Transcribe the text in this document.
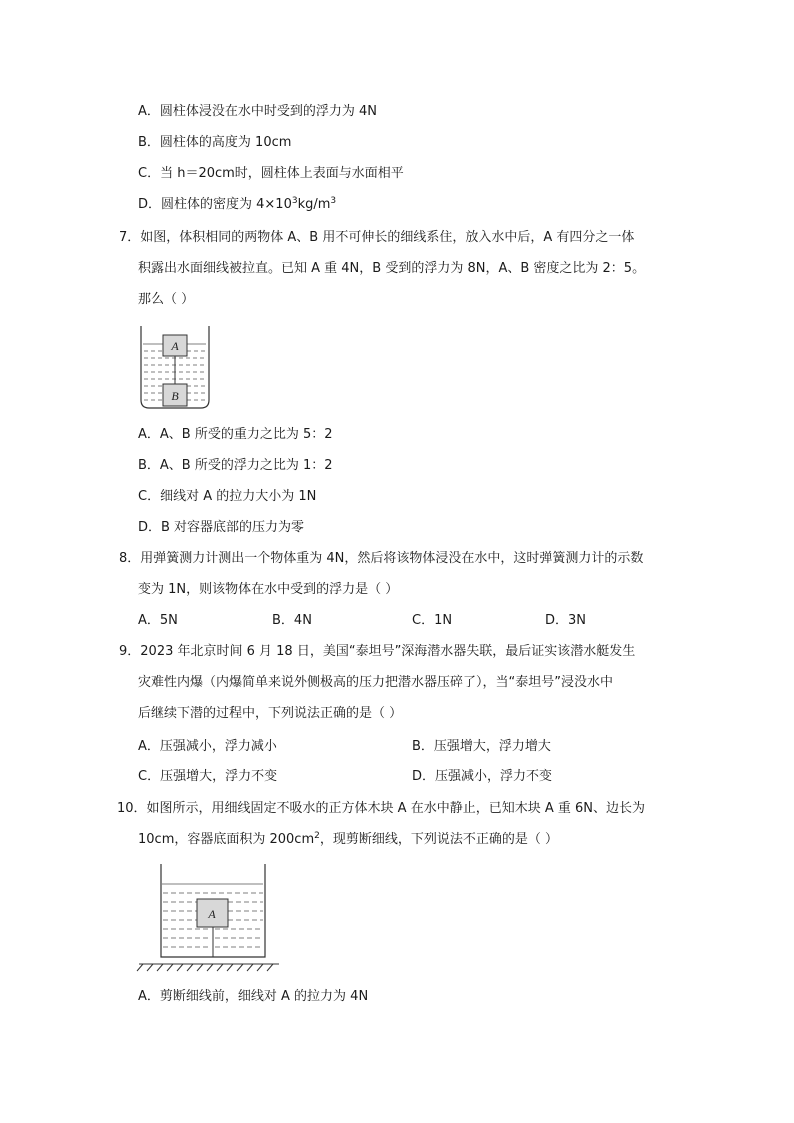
A．圆柱体浸没在水中时受到的浮力为 4N
B．圆柱体的高度为 10cm
C．当 h＝20cm时，圆柱体上表面与水面相平
D．圆柱体的密度为 $4\times 10^3kg/m^3$
7．如图，体积相同的两物体 A、B 用不可伸长的细线系住，放入水中后，A 有四分之一体
积露出水面细线被拉直。已知 A 重 4N，B 受到的浮力为 8N，A、B 密度之比为 2：5。
那么（ ）
A
B
A．A、B 所受的重力之比为 5：2
B．A、B 所受的浮力之比为 1：2
C．细线对 A 的拉力大小为 1N
D．B 对容器底部的压力为零
8．用弹簧测力计测出一个物体重为 4N，然后将该物体浸没在水中，这时弹簧测力计的示数
变为 1N，则该物体在水中受到的浮力是（ ）
A．5N	B．4N	C．1N	D．3N
9．2023 年北京时间 6 月 18 日，美国“泰坦号”深海潜水器失联，最后证实该潜水艇发生
灾难性内爆（内爆简单来说外侧极高的压力把潜水器压碎了），当“泰坦号”浸没水中
后继续下潜的过程中，下列说法正确的是（ ）
A．压强减小，浮力减小	B．压强增大，浮力增大
C．压强增大，浮力不变	D．压强减小，浮力不变
10．如图所示，用细线固定不吸水的正方体木块 A 在水中静止，已知木块 A 重 6N、边长为
10cm，容器底面积为 $200cm^2$，现剪断细线，下列说法不正确的是（ ）
A
A．剪断细线前，细线对 A 的拉力为 4N
